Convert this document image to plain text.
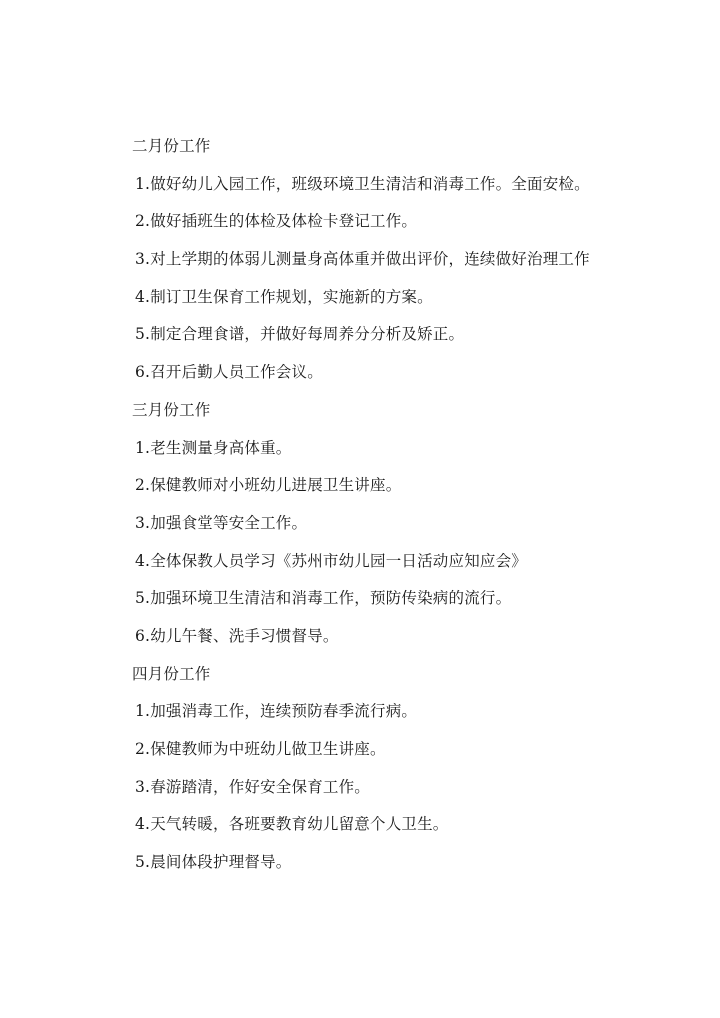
二月份工作
1.做好幼儿入园工作，班级环境卫生清洁和消毒工作。全面安检。
2.做好插班生的体检及体检卡登记工作。
3.对上学期的体弱儿测量身高体重并做出评价，连续做好治理工作
4.制订卫生保育工作规划，实施新的方案。
5.制定合理食谱，并做好每周养分分析及矫正。
6.召开后勤人员工作会议。
三月份工作
1.老生测量身高体重。
2.保健教师对小班幼儿进展卫生讲座。
3.加强食堂等安全工作。
4.全体保教人员学习《苏州市幼儿园一日活动应知应会》
5.加强环境卫生清洁和消毒工作，预防传染病的流行。
6.幼儿午餐、洗手习惯督导。
四月份工作
1.加强消毒工作，连续预防春季流行病。
2.保健教师为中班幼儿做卫生讲座。
3.春游踏清，作好安全保育工作。
4.天气转暖，各班要教育幼儿留意个人卫生。
5.晨间体段护理督导。
